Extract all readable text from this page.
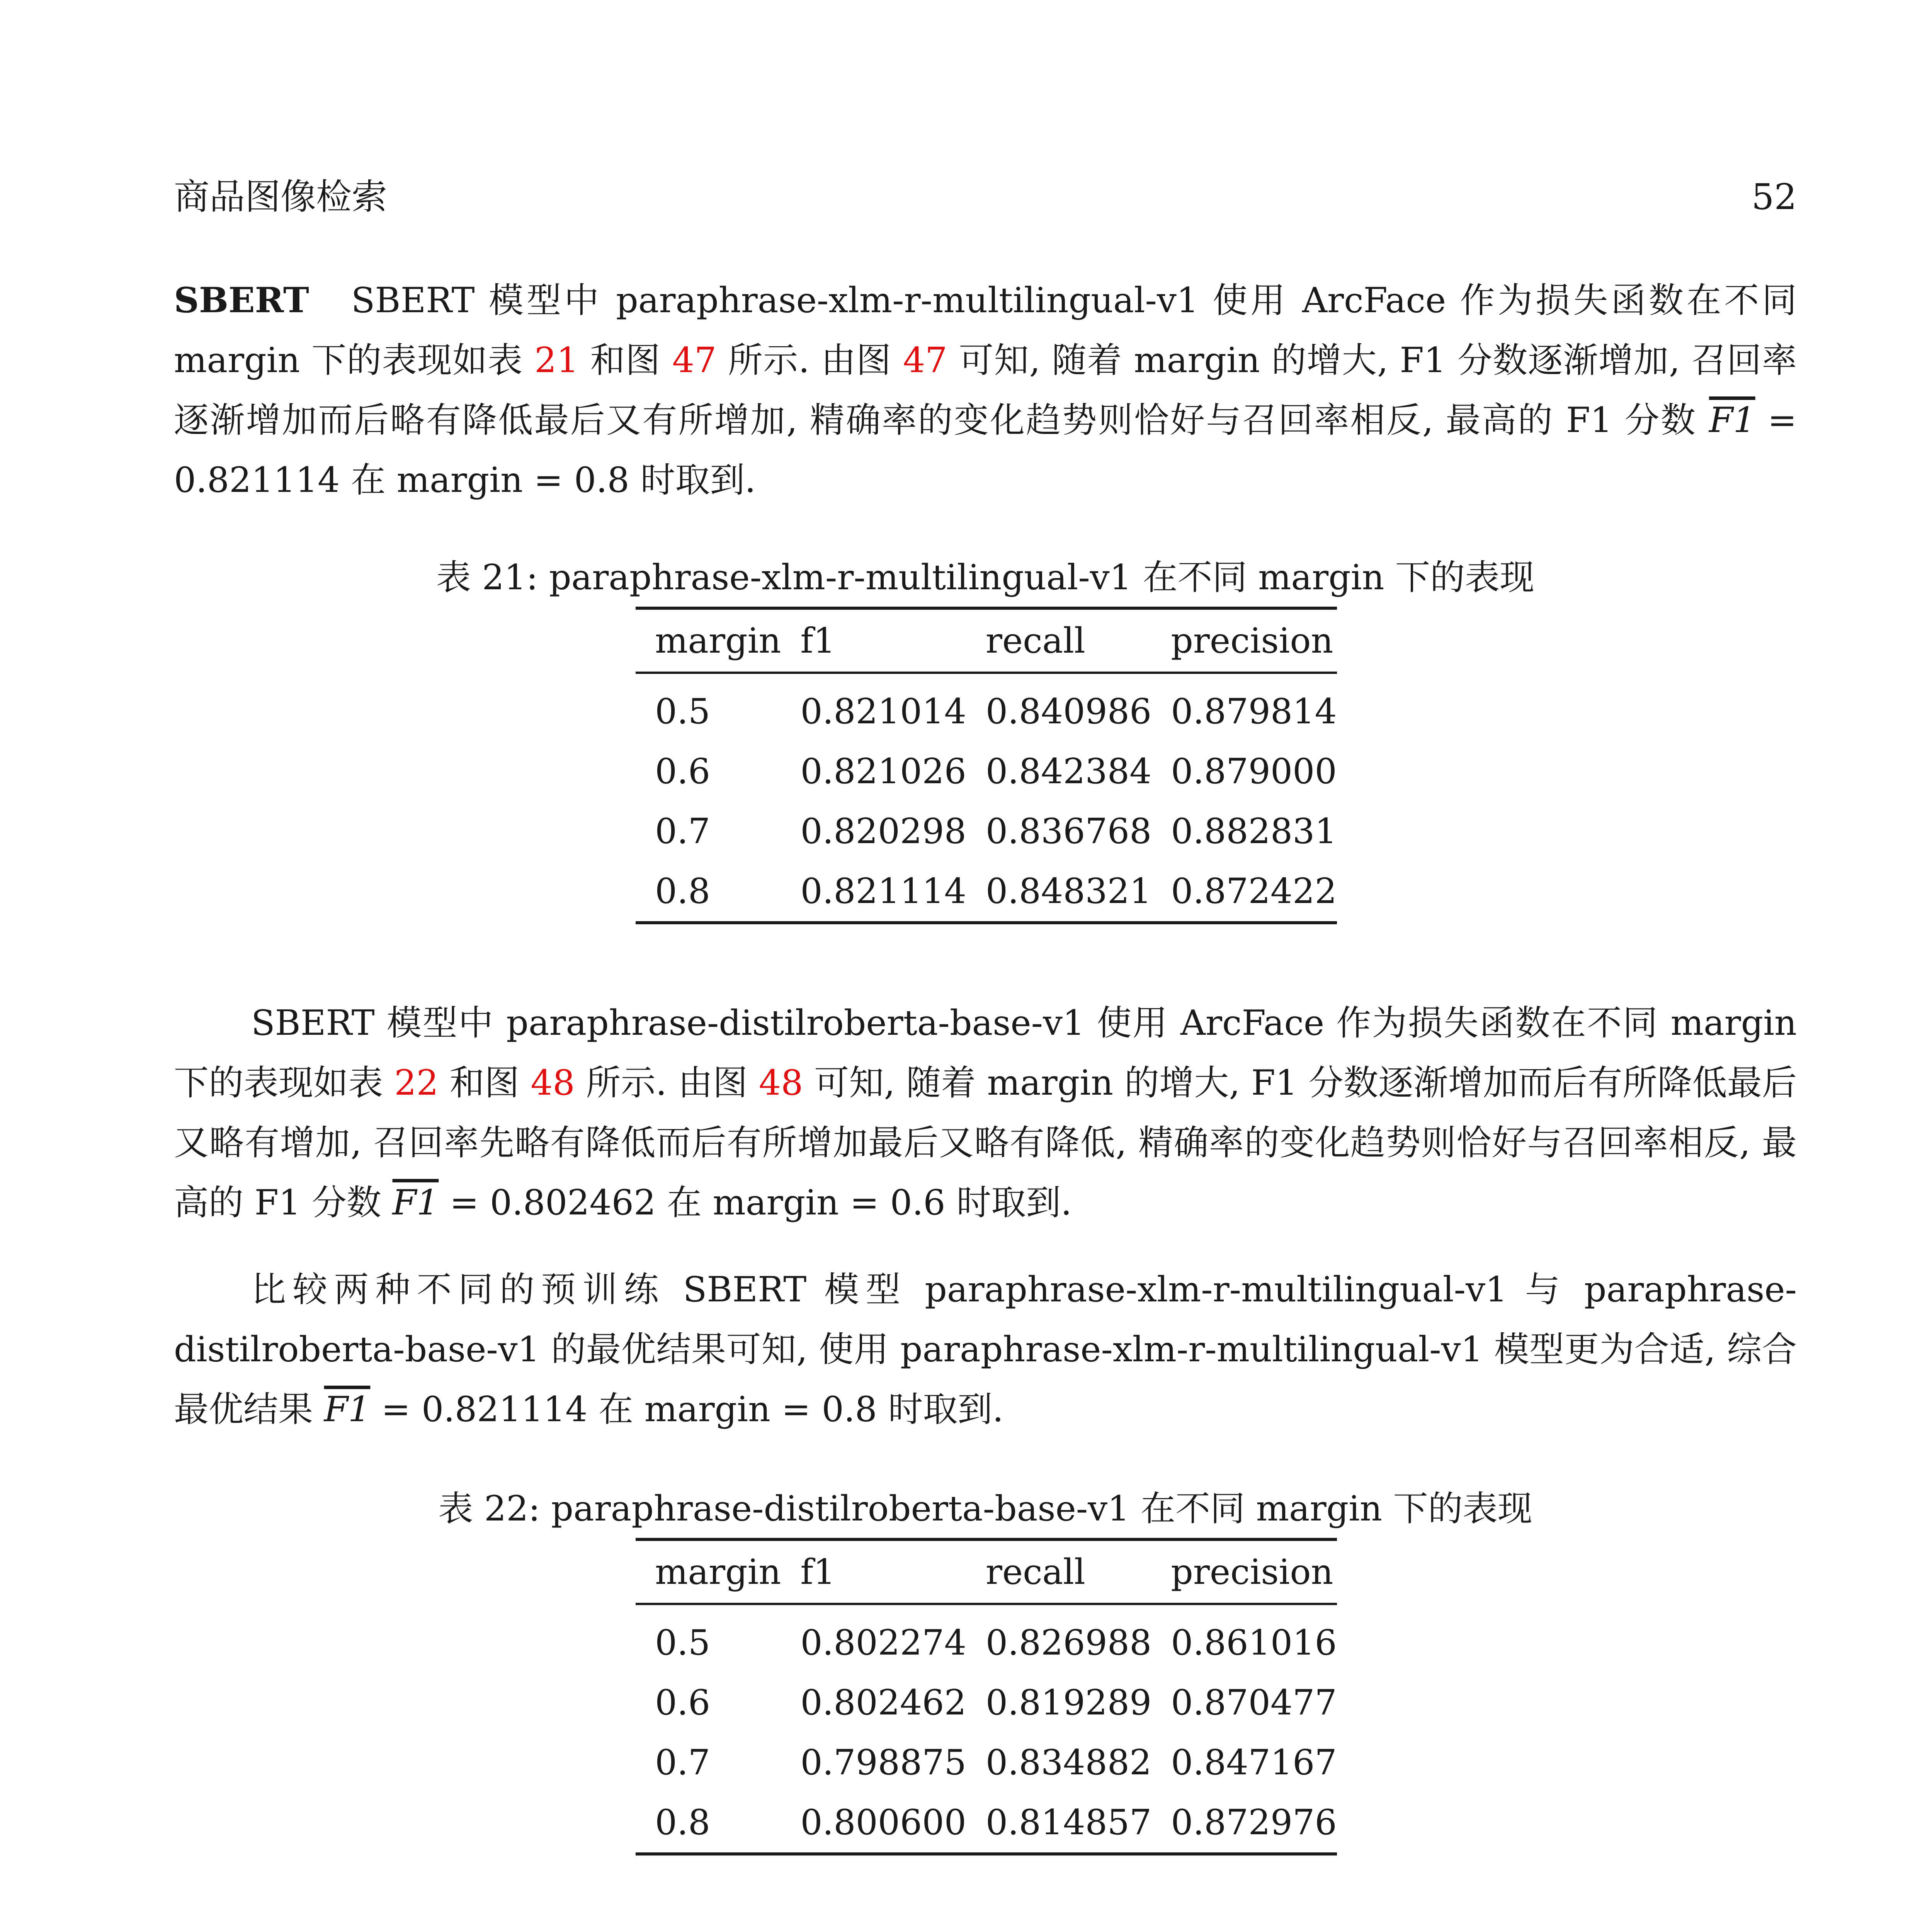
商品图像检索	52
SBERT SBERT 模型中 paraphrase-xlm-r-multilingual-v1 使用 ArcFace 作为损失函数在不同 margin 下的表现如表 21 和图 47 所示. 由图 47 可知, 随着 margin 的增大, F1 分数逐渐增加, 召回率逐渐增加而后略有降低最后又有所增加, 精确率的变化趋势则恰好与召回率相反, 最高的 F1 分数 F1 = 0.821114 在 margin = 0.8 时取到.
表 21: paraphrase-xlm-r-multilingual-v1 在不同 margin 下的表现
margin	f1	recall	precision
0.5	0.821014	0.840986	0.879814
0.6	0.821026	0.842384	0.879000
0.7	0.820298	0.836768	0.882831
0.8	0.821114	0.848321	0.872422
SBERT 模型中 paraphrase-distilroberta-base-v1 使用 ArcFace 作为损失函数在不同 margin 下的表现如表 22 和图 48 所示. 由图 48 可知, 随着 margin 的增大, F1 分数逐渐增加而后有所降低最后又略有增加, 召回率先略有降低而后有所增加最后又略有降低, 精确率的变化趋势则恰好与召回率相反, 最高的 F1 分数 F1 = 0.802462 在 margin = 0.6 时取到.
比较两种不同的预训练 SBERT 模型 paraphrase-xlm-r-multilingual-v1 与 paraphrase-distilroberta-base-v1 的最优结果可知, 使用 paraphrase-xlm-r-multilingual-v1 模型更为合适, 综合最优结果 F1 = 0.821114 在 margin = 0.8 时取到.
表 22: paraphrase-distilroberta-base-v1 在不同 margin 下的表现
margin	f1	recall	precision
0.5	0.802274	0.826988	0.861016
0.6	0.802462	0.819289	0.870477
0.7	0.798875	0.834882	0.847167
0.8	0.800600	0.814857	0.872976
